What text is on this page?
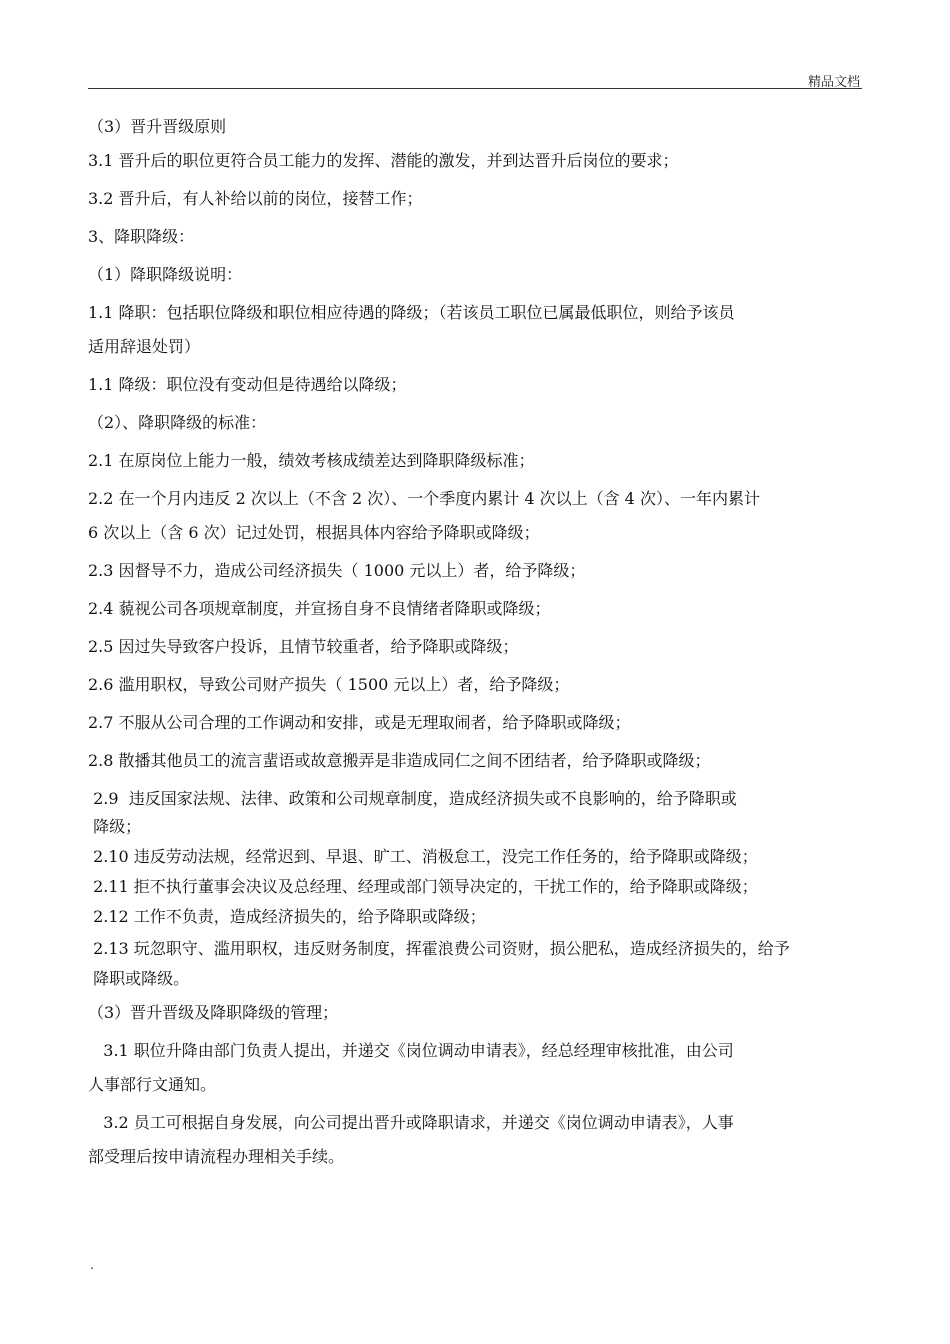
精品文档
（3）晋升晋级原则
3.1 晋升后的职位更符合员工能力的发挥、潜能的激发，并到达晋升后岗位的要求；
3.2 晋升后，有人补给以前的岗位，接替工作；
3、降职降级：
（1）降职降级说明：
1.1 降职：包括职位降级和职位相应待遇的降级；（若该员工职位已属最低职位，则给予该员
适用辞退处罚）
1.1 降级：职位没有变动但是待遇给以降级；
（2）、降职降级的标准：
2.1 在原岗位上能力一般，绩效考核成绩差达到降职降级标准；
2.2 在一个月内违反 2 次以上（不含 2 次）、一个季度内累计 4 次以上（含 4 次）、一年内累计
6 次以上（含 6 次）记过处罚，根据具体内容给予降职或降级；
2.3 因督导不力，造成公司经济损失（ 1000 元以上）者，给予降级；
2.4 藐视公司各项规章制度，并宣扬自身不良情绪者降职或降级；
2.5 因过失导致客户投诉，且情节较重者，给予降职或降级；
2.6 滥用职权，导致公司财产损失（ 1500 元以上）者，给予降级；
2.7 不服从公司合理的工作调动和安排，或是无理取闹者，给予降职或降级；
2.8 散播其他员工的流言蜚语或故意搬弄是非造成同仁之间不团结者，给予降职或降级；
2.9  违反国家法规、法律、政策和公司规章制度，造成经济损失或不良影响的，给予降职或
降级；
2.10 违反劳动法规，经常迟到、早退、旷工、消极怠工，没完工作任务的，给予降职或降级；
2.11 拒不执行董事会决议及总经理、经理或部门领导决定的，干扰工作的，给予降职或降级；
2.12 工作不负责，造成经济损失的，给予降职或降级；
2.13 玩忽职守、滥用职权，违反财务制度，挥霍浪费公司资财，损公肥私，造成经济损失的，给予
降职或降级。
（3）晋升晋级及降职降级的管理；
3.1 职位升降由部门负责人提出，并递交《岗位调动申请表》，经总经理审核批准，由公司
人事部行文通知。
3.2 员工可根据自身发展，向公司提出晋升或降职请求，并递交《岗位调动申请表》，人事
部受理后按申请流程办理相关手续。
.
